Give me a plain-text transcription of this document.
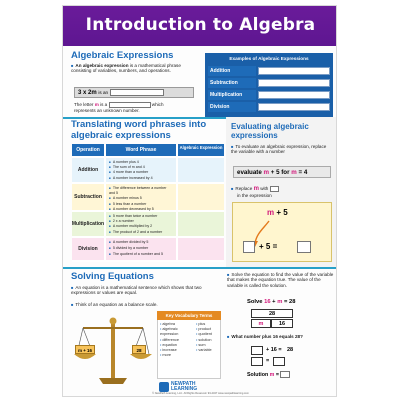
Introduction to Algebra
Algebraic Expressions
■ An algebraic expression is a mathematical phrase consisting of variables, numbers, and operations.
3 x 2m is an
The letter m is a	which
represents an unknown number.
Examples of Algebraic Expressions
Addition
Subtraction
Multiplication
Division
Translating word phrases into algebraic expressions
Operation	Word Phrase	Algebraic Expression
Addition
■ A number plus 4
■ The sum of m and 4
■ 4 more than a number
■ A number increased by 4
Subtraction
■ The difference between a number and 5
■ A number minus 5
■ 5 less than a number
■ A number decreased by 5
Multiplication
■ 5 more than twice a number
■ 2 x a number
■ A number multiplied by 2
■ The product of 2 and a number
Division
■ A number divided by 5
■ 5 divided by a number
■ The quotient of a number and 5
Evaluating algebraic expressions
■ To evaluate an algebraic expression, replace the variable with a number
evaluate m + 5 for m = 4
■ Replace m with
in the expression
m + 5
+ 5 =
Solving Equations
■ An equation is a mathematical sentence which shows that two expressions or values are equal.
■ Think of an equation as a balance scale.
m + 16	28
Key Vocabulary Terms
• algebra
• algebraic expression
• difference
• equation
• increase
• more
• plus
• product
• quotient
• solution
• sum
• variable
■ Solve the equation to find the value of the variable that makes the equation true. The value of the variable is called the solution.
Solve 16 + m = 28
28
m	16
■ What number plus 16 equals 28?
+ 16 = 28
=
Solution m =
NEWPATH
LEARNING
© NewPath Learning, LLC. All Rights Reserved. 93-4437 www.newpathlearning.com
